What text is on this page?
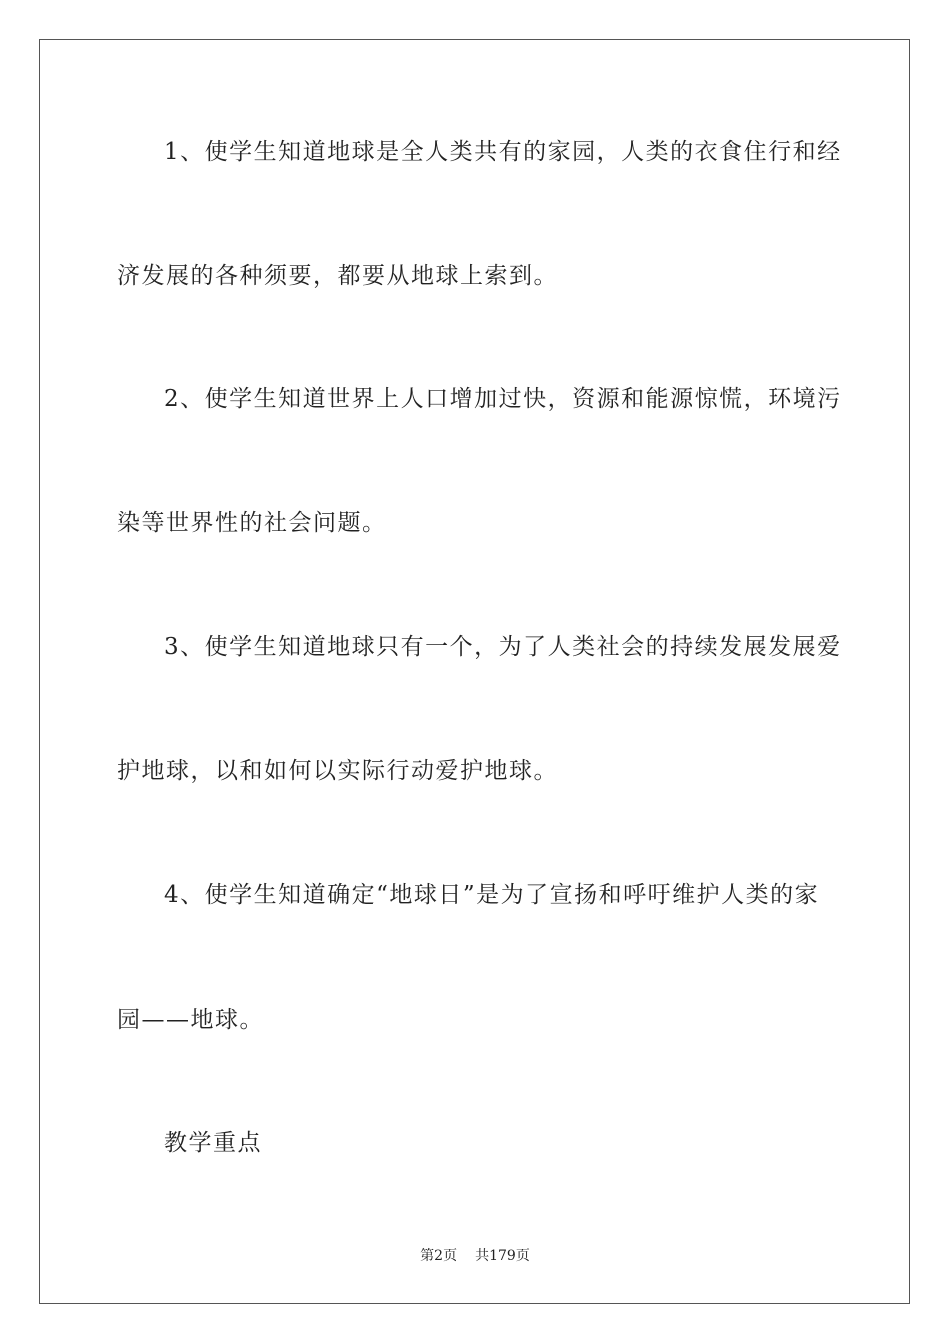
1、使学生知道地球是全人类共有的家园，人类的衣食住行和经
济发展的各种须要，都要从地球上索到。
2、使学生知道世界上人口增加过快，资源和能源惊慌，环境污
染等世界性的社会问题。
3、使学生知道地球只有一个，为了人类社会的持续发展发展爱
护地球，以和如何以实际行动爱护地球。
4、使学生知道确定“地球日”是为了宣扬和呼吁维护人类的家
园——地球。
教学重点
第2页 共179页
